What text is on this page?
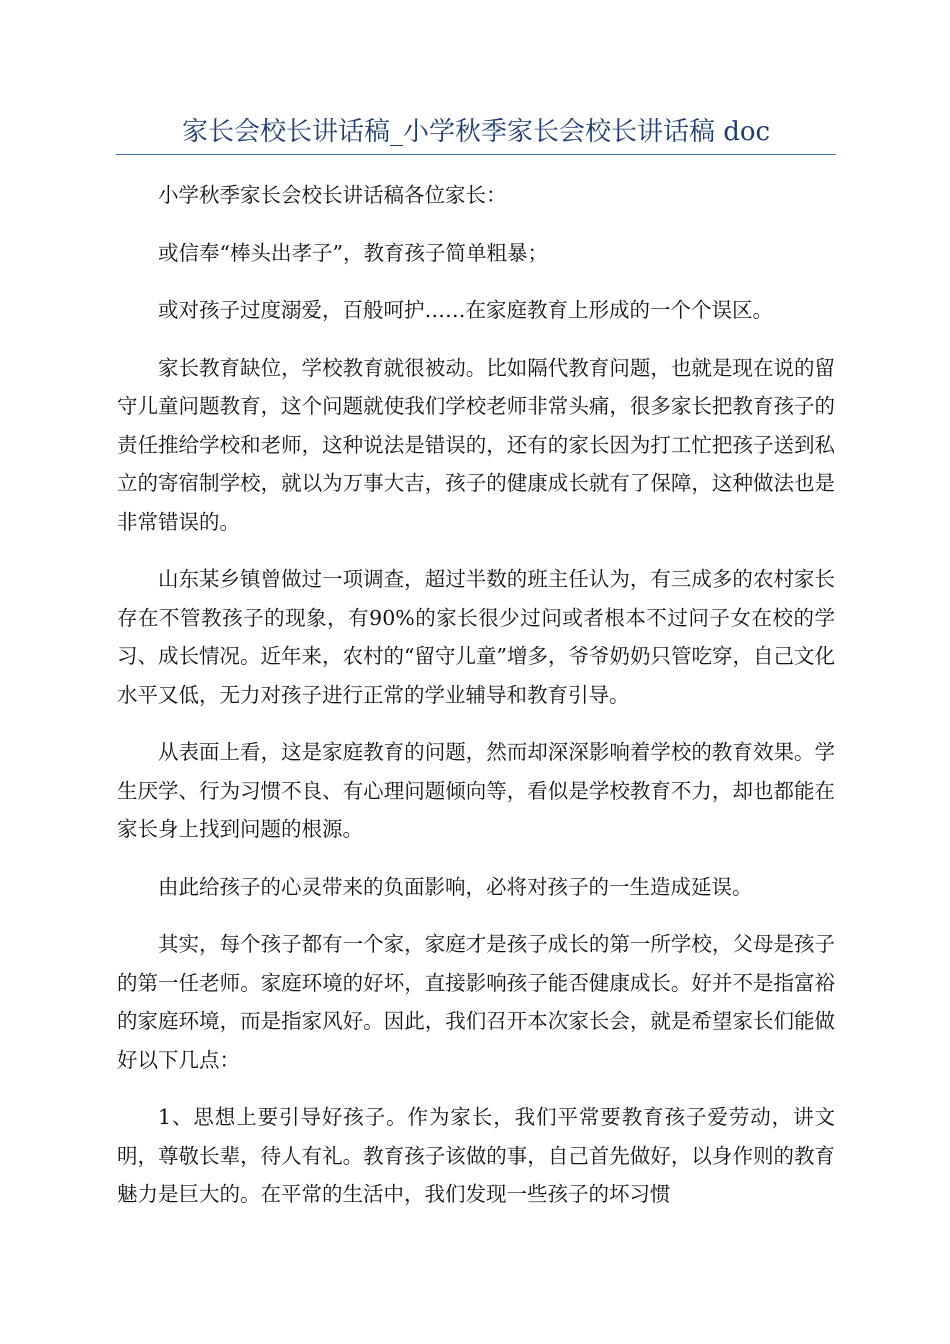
家长会校长讲话稿_小学秋季家长会校长讲话稿 doc

小学秋季家长会校长讲话稿各位家长：

或信奉“棒头出孝子”，教育孩子简单粗暴；

或对孩子过度溺爱，百般呵护……在家庭教育上形成的一个个误区。

家长教育缺位，学校教育就很被动。比如隔代教育问题，也就是现在说的留守儿童问题教育，这个问题就使我们学校老师非常头痛，很多家长把教育孩子的责任推给学校和老师，这种说法是错误的，还有的家长因为打工忙把孩子送到私立的寄宿制学校，就以为万事大吉，孩子的健康成长就有了保障，这种做法也是非常错误的。

山东某乡镇曾做过一项调查，超过半数的班主任认为，有三成多的农村家长存在不管教孩子的现象，有90%的家长很少过问或者根本不过问子女在校的学习、成长情况。近年来，农村的“留守儿童”增多，爷爷奶奶只管吃穿，自己文化水平又低，无力对孩子进行正常的学业辅导和教育引导。

从表面上看，这是家庭教育的问题，然而却深深影响着学校的教育效果。学生厌学、行为习惯不良、有心理问题倾向等，看似是学校教育不力，却也都能在家长身上找到问题的根源。

由此给孩子的心灵带来的负面影响，必将对孩子的一生造成延误。

其实，每个孩子都有一个家，家庭才是孩子成长的第一所学校，父母是孩子的第一任老师。家庭环境的好坏，直接影响孩子能否健康成长。好并不是指富裕的家庭环境，而是指家风好。因此，我们召开本次家长会，就是希望家长们能做好以下几点：

1、思想上要引导好孩子。作为家长，我们平常要教育孩子爱劳动，讲文明，尊敬长辈，待人有礼。教育孩子该做的事，自己首先做好，以身作则的教育魅力是巨大的。在平常的生活中，我们发现一些孩子的坏习惯
